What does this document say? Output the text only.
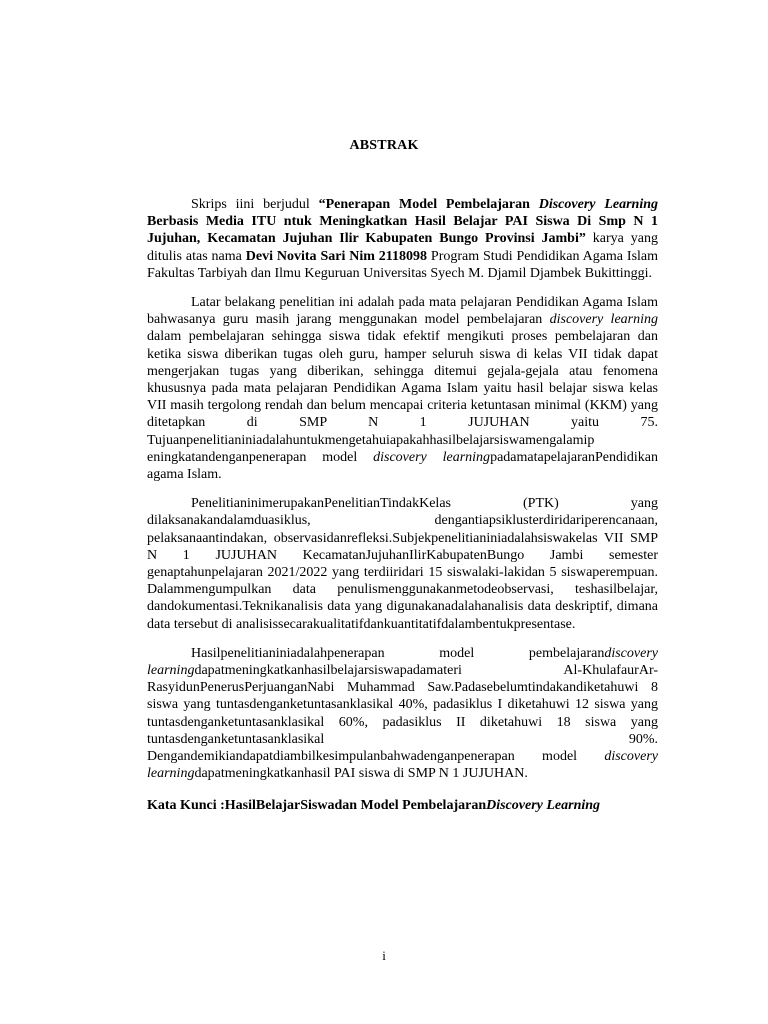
ABSTRAK

Skrips iini berjudul “Penerapan Model Pembelajaran Discovery Learning Berbasis Media ITU ntuk Meningkatkan Hasil Belajar PAI Siswa Di Smp N 1 Jujuhan, Kecamatan Jujuhan Ilir Kabupaten Bungo Provinsi Jambi” karya yang ditulis atas nama Devi Novita Sari Nim 2118098 Program Studi Pendidikan Agama Islam Fakultas Tarbiyah dan Ilmu Keguruan Universitas Syech M. Djamil Djambek Bukittinggi.

Latar belakang penelitian ini adalah pada mata pelajaran Pendidikan Agama Islam bahwasanya guru masih jarang menggunakan model pembelajaran discovery learning dalam pembelajaran sehingga siswa tidak efektif mengikuti proses pembelajaran dan ketika siswa diberikan tugas oleh guru, hamper seluruh siswa di kelas VII tidak dapat mengerjakan tugas yang diberikan, sehingga ditemui gejala-gejala atau fenomena khususnya pada mata pelajaran Pendidikan Agama Islam yaitu hasil belajar siswa kelas VII masih tergolong rendah dan belum mencapai criteria ketuntasan minimal (KKM) yang ditetapkan di SMP N 1 JUJUHAN yaitu 75. Tujuanpenelitianiniadalahuntukmengetahuiapakahhasilbelajarsiswamengalamip eningkatandenganpenerapan model discovery learningpadamatapelajaranPendidikan agama Islam.

PenelitianinimerupakanPenelitianTindakKelas (PTK) yang dilaksanakandalamduasiklus, dengantiapsiklusterdiridariperencanaan, pelaksanaantindakan, observasidanrefleksi.Subjekpenelitianiniadalahsiswakelas VII SMP N 1 JUJUHAN KecamatanJujuhanIlirKabupatenBungo Jambi semester genaptahunpelajaran 2021/2022 yang terdiiridari 15 siswalaki-lakidan 5 siswaperempuan. Dalammengumpulkan data penulismenggunakanmetodeobservasi, teshasilbelajar, dandokumentasi.Teknikanalisis data yang digunakanadalahanalisis data deskriptif, dimana data tersebut di analisissecarakualitatifdankuantitatifdalambentukpresentase.

Hasilpenelitianiniadalahpenerapan model pembelajarandiscovery learningdapatmeningkatkanhasilbelajarsiswapadamateri Al-KhulafaurAr-RasyidunPenerusPerjuanganNabi Muhammad Saw.Padasebelumtindakandiketahuwi 8 siswa yang tuntasdenganketuntasanklasikal 40%, padasiklus I diketahuwi 12 siswa yang tuntasdenganketuntasanklasikal 60%, padasiklus II diketahuwi 18 siswa yang tuntasdenganketuntasanklasikal 90%. Dengandemikiandapatdiambilkesimpulanbahwadenganpenerapan model discovery learningdapatmeningkatkanhasil PAI siswa di SMP N 1 JUJUHAN.

Kata Kunci :HasilBelajarSiswadan Model PembelajaranDiscovery Learning

i
